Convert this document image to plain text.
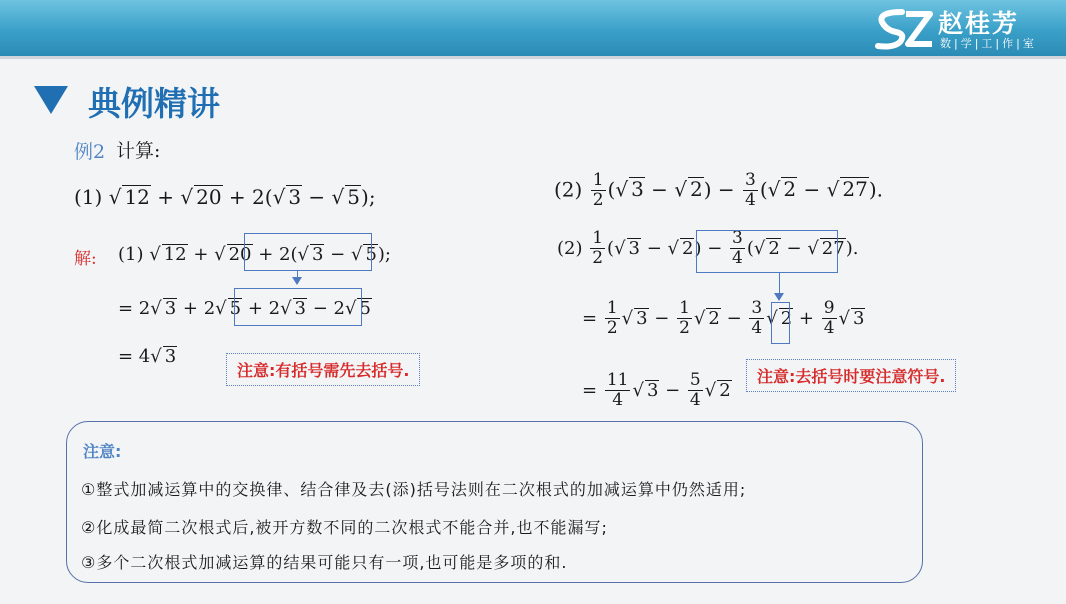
赵桂芳
数|学|工|作|室
典例精讲
例2 计算:
(1) √ 12 + √ 20 + 2(√ 3 − √ 5);	$(2) \frac{1}{2}$ (√ 3 − √ $2) - \frac{3}{4}$ (√ 2 − √ 27).
解: (1) √ 12 + √ 20 + 2(√ 3 − √ 5);
= 2√ 3 + 2√ 5 + 2√ 3 − 2√ 5
= 4√ 3
注意:有括号需先去括号.
$(2) \frac{1}{2}$ (√ 3 − √ $2) - \frac{3}{4}$ (√ 2 − √ 27).
= $\frac{1}{2}$ √ $3 - \frac{1}{2}$ √ $2 - \frac{3}{4}$ √ $2 + \frac{9}{4}$ √ 3
= $\frac{11}{4}$ √ $3 - \frac{5}{4}$ √ 2
注意:去括号时要注意符号.
注意:
①整式加减运算中的交换律、结合律及去(添)括号法则在二次根式的加减运算中仍然适用;
②化成最简二次根式后,被开方数不同的二次根式不能合并,也不能漏写;
③多个二次根式加减运算的结果可能只有一项,也可能是多项的和.
